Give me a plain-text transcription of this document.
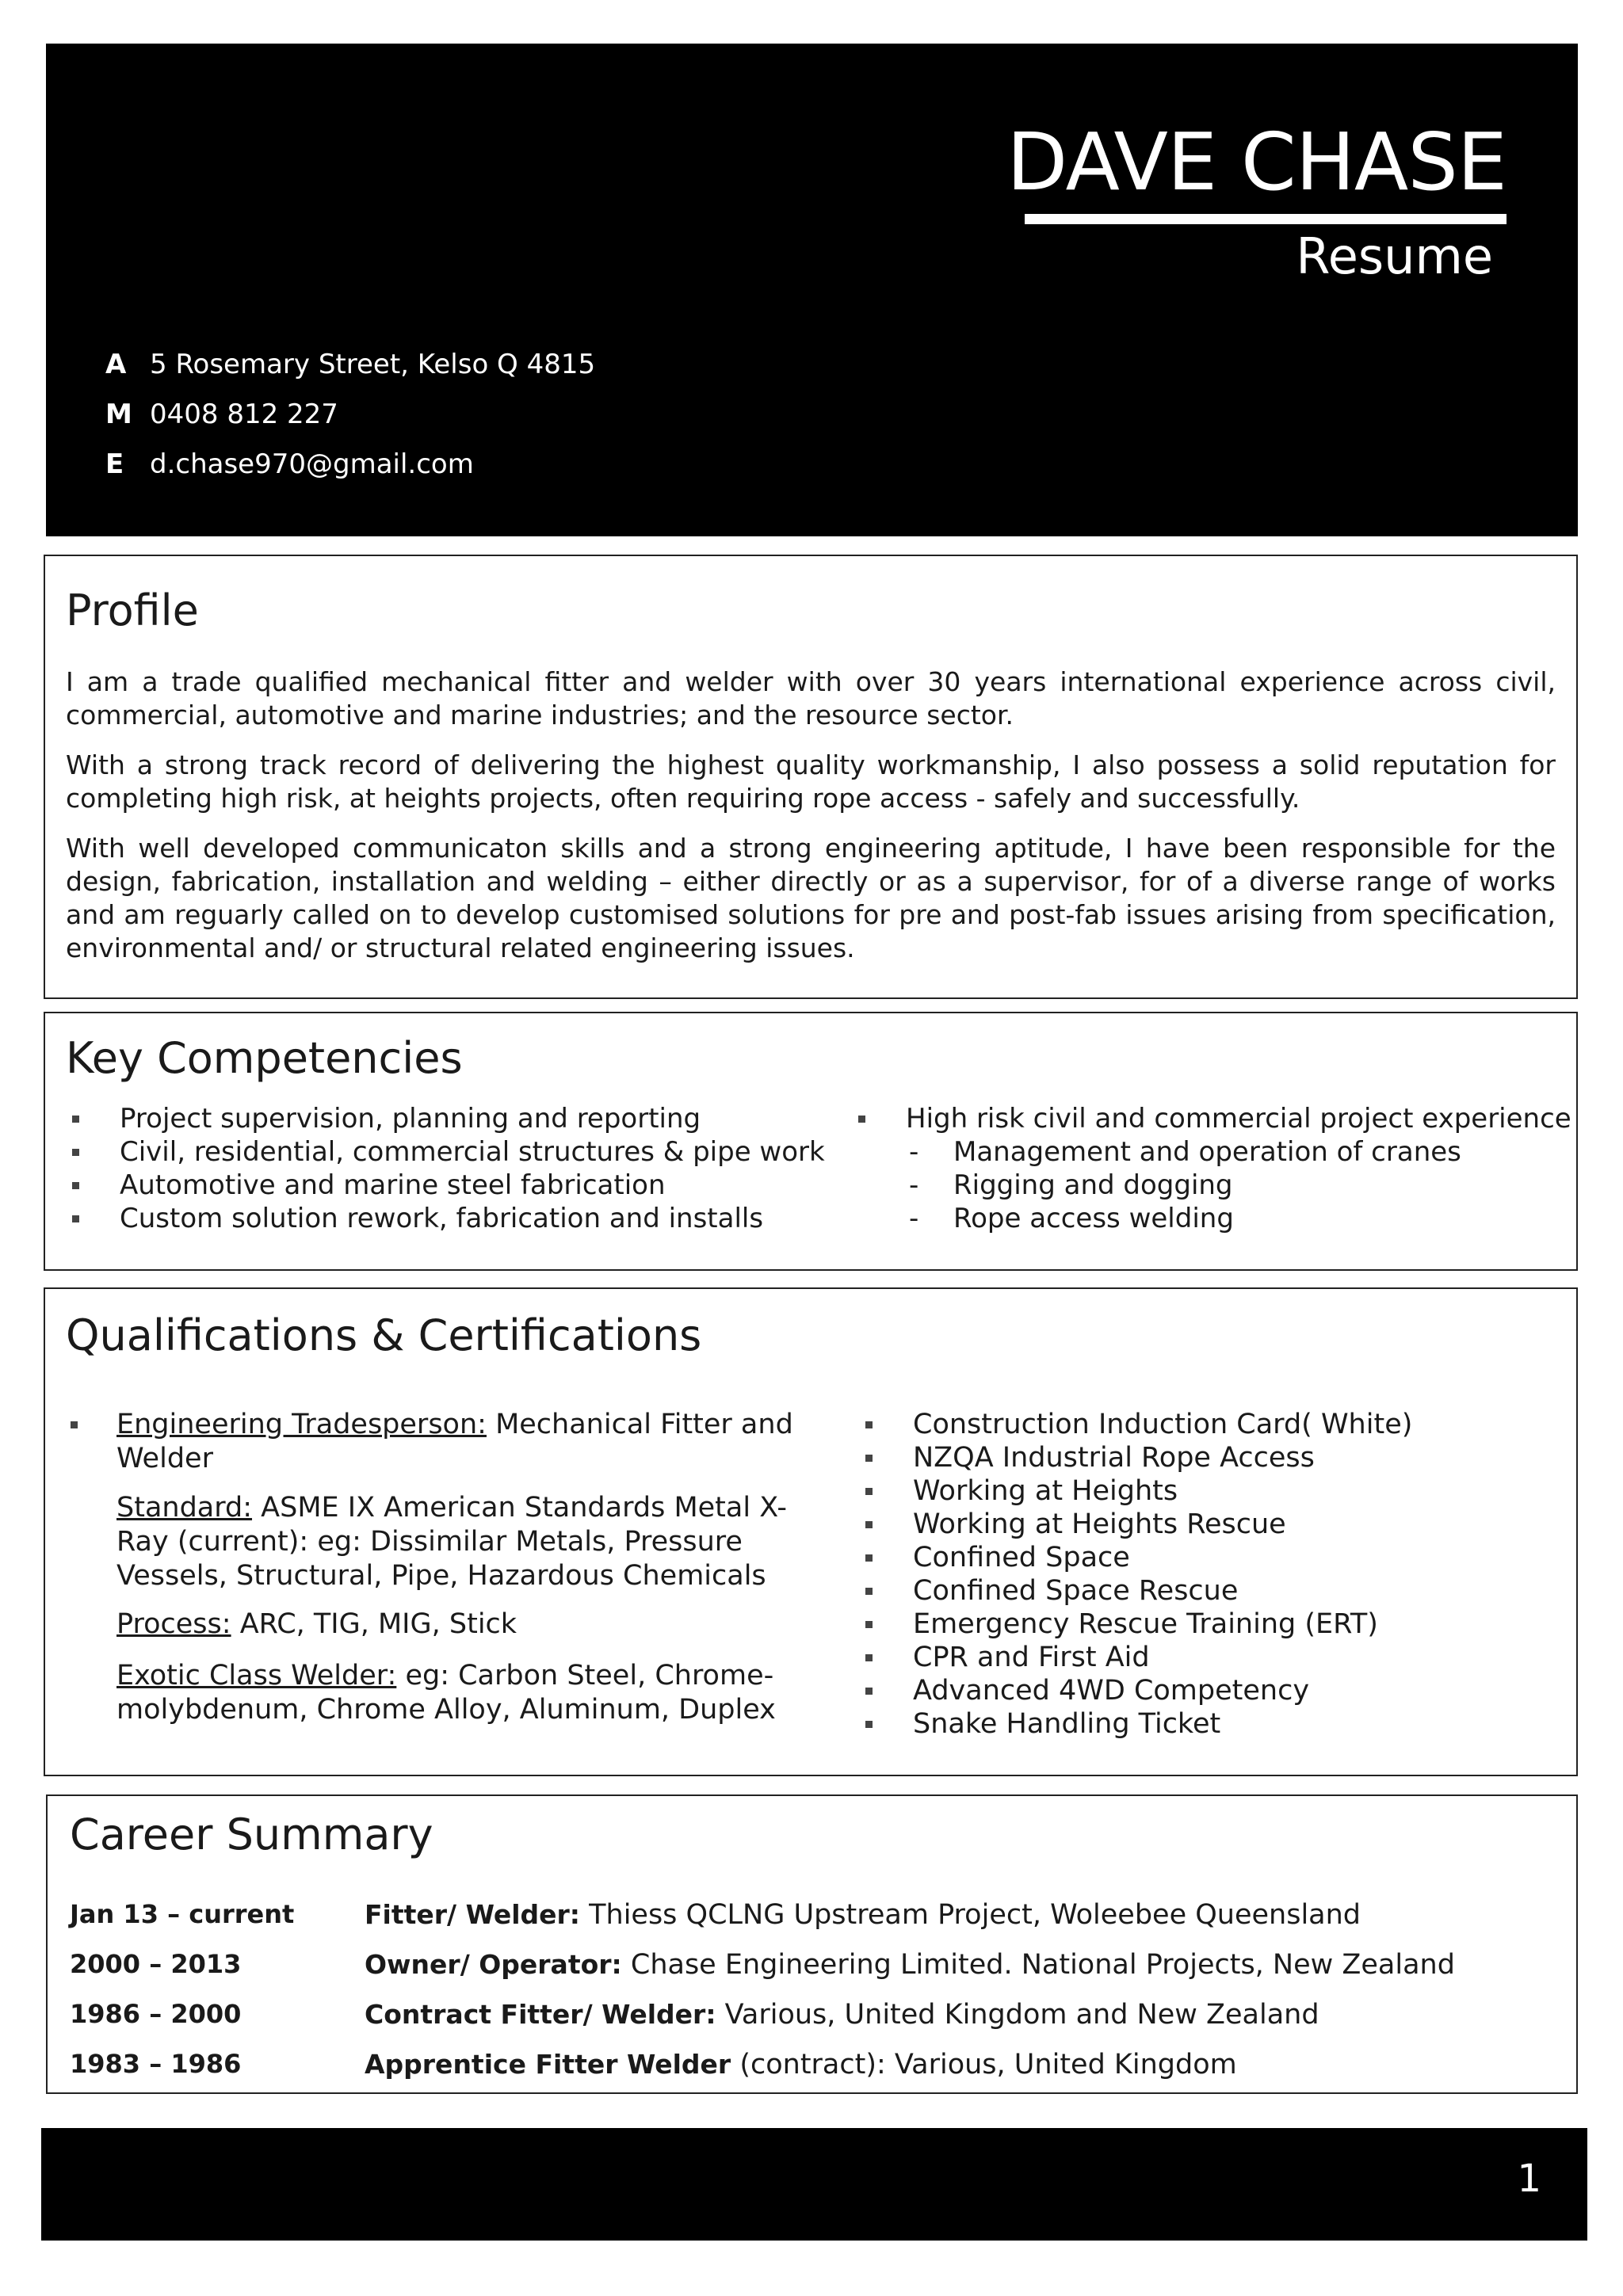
DAVE CHASE
Resume
A 5 Rosemary Street, Kelso Q 4815
M 0408 812 227
E d.chase970@gmail.com
Profile

I am a trade qualified mechanical fitter and welder with over 30 years international experience across civil, commercial, automotive and marine industries; and the resource sector.

With a strong track record of delivering the highest quality workmanship, I also possess a solid reputation for completing high risk, at heights projects, often requiring rope access - safely and successfully.

With well developed communicaton skills and a strong engineering aptitude, I have been responsible for the design, fabrication, installation and welding – either directly or as a supervisor, for of a diverse range of works and am reguarly called on to develop customised solutions for pre and post-fab issues arising from specification, environmental and/ or structural related engineering issues.

Key Competencies
Project supervision, planning and reporting
Civil, residential, commercial structures & pipe work
Automotive and marine steel fabrication
Custom solution rework, fabrication and installs
High risk civil and commercial project experience
- Management and operation of cranes
- Rigging and dogging
- Rope access welding
Qualifications & Certifications
Engineering Tradesperson: Mechanical Fitter and
Welder
Standard: ASME IX American Standards Metal X-
Ray (current): eg: Dissimilar Metals, Pressure
Vessels, Structural, Pipe, Hazardous Chemicals
Process: ARC, TIG, MIG, Stick
Exotic Class Welder: eg: Carbon Steel, Chrome-
molybdenum, Chrome Alloy, Aluminum, Duplex
Construction Induction Card( White)
NZQA Industrial Rope Access
Working at Heights
Working at Heights Rescue
Confined Space
Confined Space Rescue
Emergency Rescue Training (ERT)
CPR and First Aid
Advanced 4WD Competency
Snake Handling Ticket
Career Summary
Jan 13 – current	Fitter/ Welder: Thiess QCLNG Upstream Project, Woleebee Queensland
2000 – 2013	Owner/ Operator: Chase Engineering Limited. National Projects, New Zealand
1986 – 2000	Contract Fitter/ Welder: Various, United Kingdom and New Zealand
1983 – 1986	Apprentice Fitter Welder (contract): Various, United Kingdom
1
